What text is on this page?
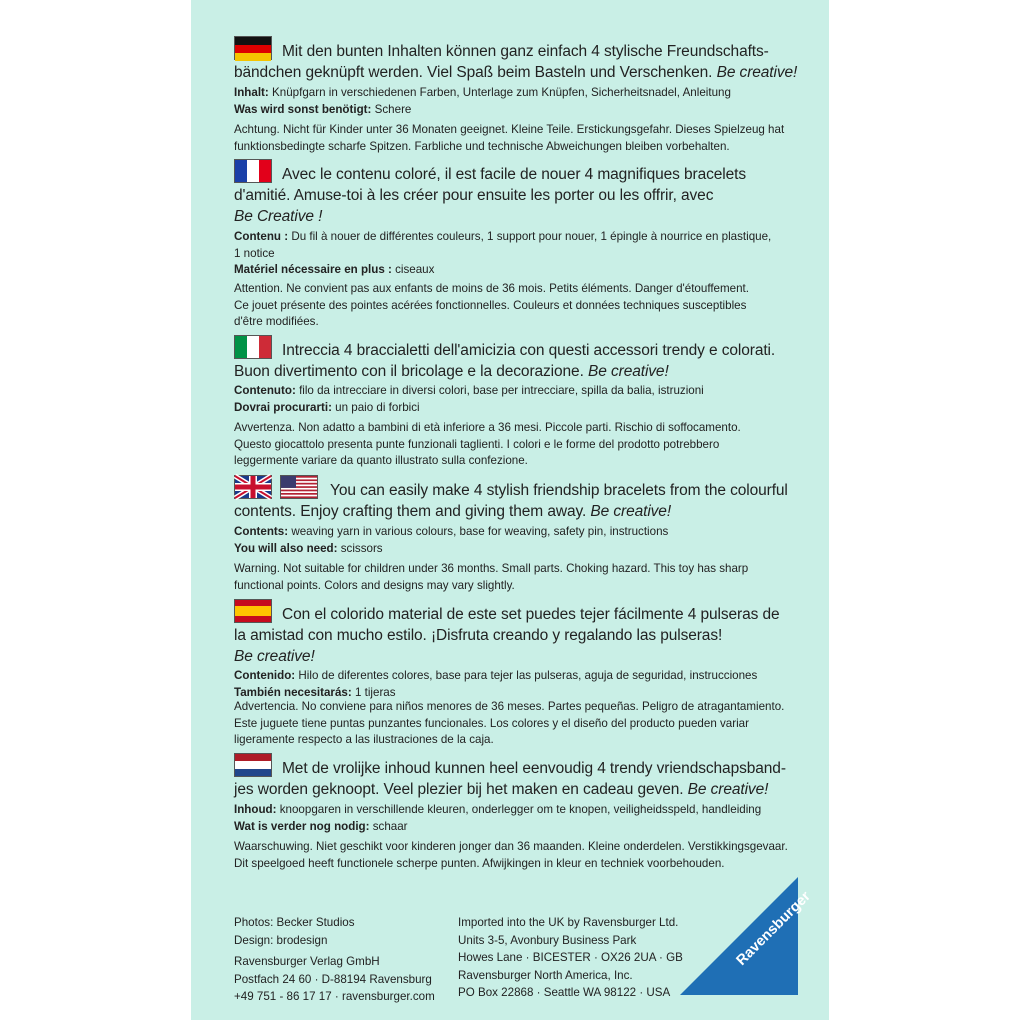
Mit den bunten Inhalten können ganz einfach 4 stylische Freundschafts-
bändchen geknüpft werden. Viel Spaß beim Basteln und Verschenken. Be creative!
Inhalt: Knüpfgarn in verschiedenen Farben, Unterlage zum Knüpfen, Sicherheitsnadel, Anleitung
Was wird sonst benötigt: Schere
Achtung. Nicht für Kinder unter 36 Monaten geeignet. Kleine Teile. Erstickungsgefahr. Dieses Spielzeug hat
funktionsbedingte scharfe Spitzen. Farbliche und technische Abweichungen bleiben vorbehalten.
Avec le contenu coloré, il est facile de nouer 4 magnifiques bracelets
d'amitié. Amuse-toi à les créer pour ensuite les porter ou les offrir, avec
Be Creative !
Contenu : Du fil à nouer de différentes couleurs, 1 support pour nouer, 1 épingle à nourrice en plastique,
1 notice
Matériel nécessaire en plus : ciseaux
Attention. Ne convient pas aux enfants de moins de 36 mois. Petits éléments. Danger d'étouffement.
Ce jouet présente des pointes acérées fonctionnelles. Couleurs et données techniques susceptibles
d'être modifiées.
Intreccia 4 braccialetti dell'amicizia con questi accessori trendy e colorati.
Buon divertimento con il bricolage e la decorazione. Be creative!
Contenuto: filo da intrecciare in diversi colori, base per intrecciare, spilla da balia, istruzioni
Dovrai procurarti: un paio di forbici
Avvertenza. Non adatto a bambini di età inferiore a 36 mesi. Piccole parti. Rischio di soffocamento.
Questo giocattolo presenta punte funzionali taglienti. I colori e le forme del prodotto potrebbero
leggermente variare da quanto illustrato sulla confezione.
You can easily make 4 stylish friendship bracelets from the colourful
contents. Enjoy crafting them and giving them away. Be creative!
Contents: weaving yarn in various colours, base for weaving, safety pin, instructions
You will also need: scissors
Warning. Not suitable for children under 36 months. Small parts. Choking hazard. This toy has sharp
functional points. Colors and designs may vary slightly.
Con el colorido material de este set puedes tejer fácilmente 4 pulseras de
la amistad con mucho estilo. ¡Disfruta creando y regalando las pulseras!
Be creative!
Contenido: Hilo de diferentes colores, base para tejer las pulseras, aguja de seguridad, instrucciones
También necesitarás: 1 tijeras
Advertencia. No conviene para niños menores de 36 meses. Partes pequeñas. Peligro de atragantamiento.
Este juguete tiene puntas punzantes funcionales. Los colores y el diseño del producto pueden variar
ligeramente respecto a las ilustraciones de la caja.
Met de vrolijke inhoud kunnen heel eenvoudig 4 trendy vriendschapsband-
jes worden geknoopt. Veel plezier bij het maken en cadeau geven. Be creative!
Inhoud: knoopgaren in verschillende kleuren, onderlegger om te knopen, veiligheidsspeld, handleiding
Wat is verder nog nodig: schaar
Waarschuwing. Niet geschikt voor kinderen jonger dan 36 maanden. Kleine onderdelen. Verstikkingsgevaar.
Dit speelgoed heeft functionele scherpe punten. Afwijkingen in kleur en techniek voorbehouden.
Photos: Becker Studios
Design: brodesign

Ravensburger Verlag GmbH
Postfach 24 60 · D-88194 Ravensburg
+49 751 - 86 17 17 · ravensburger.com
Imported into the UK by Ravensburger Ltd.
Units 3-5, Avonbury Business Park
Howes Lane · BICESTER · OX26 2UA · GB
Ravensburger North America, Inc.
PO Box 22868 · Seattle WA 98122 · USA
Ravensburger
